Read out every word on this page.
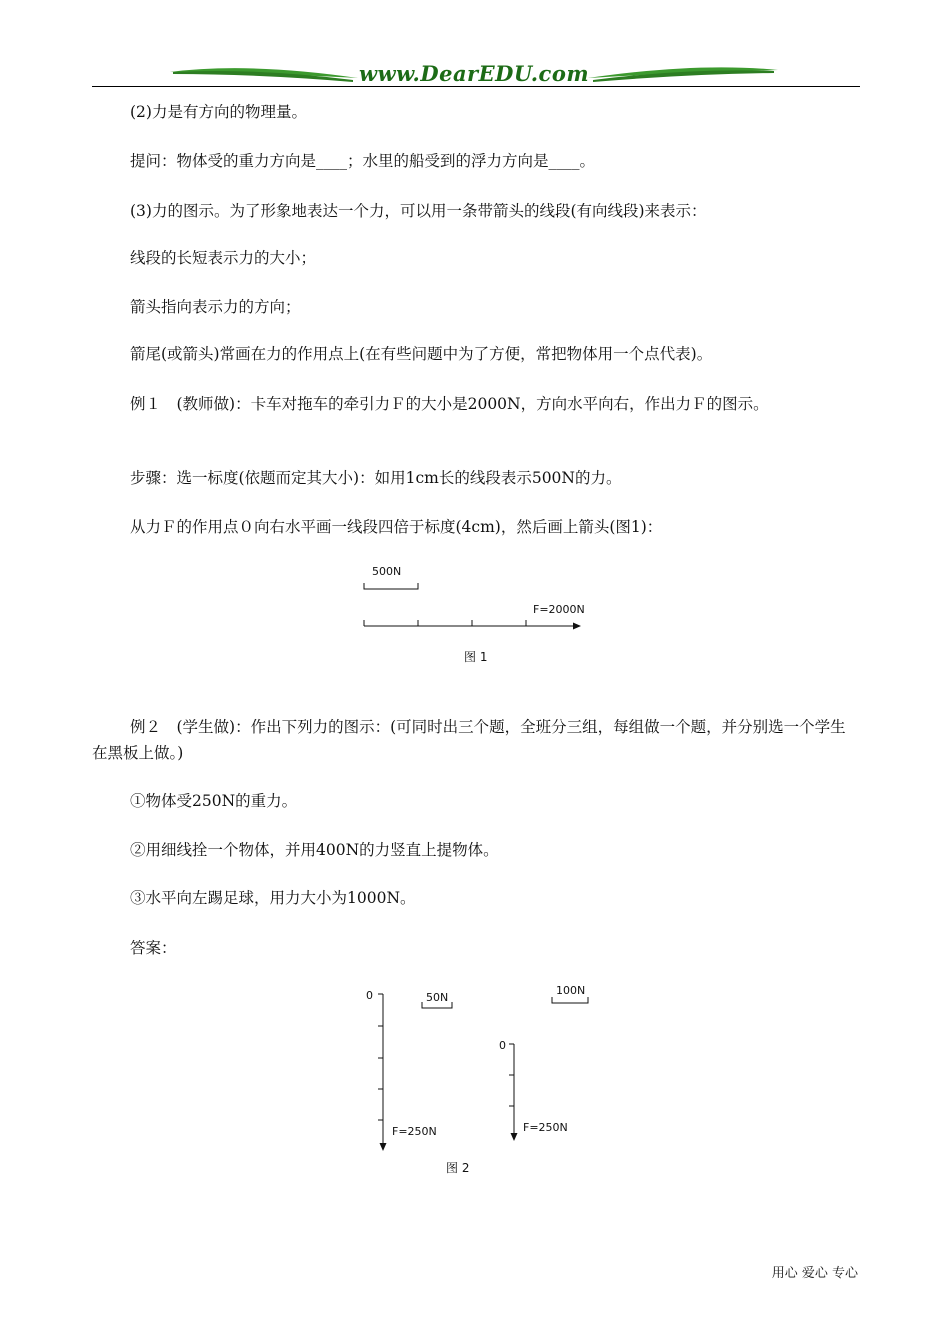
www.DearEDU.com

(2)力是有方向的物理量。

提问：物体受的重力方向是____；水里的船受到的浮力方向是____。

(3)力的图示。为了形象地表达一个力，可以用一条带箭头的线段(有向线段)来表示：

线段的长短表示力的大小；

箭头指向表示力的方向；

箭尾(或箭头)常画在力的作用点上(在有些问题中为了方便，常把物体用一个点代表)。

例１　(教师做)：卡车对拖车的牵引力Ｆ的大小是2000N，方向水平向右，作出力Ｆ的图示。

步骤：选一标度(依题而定其大小)：如用1cm长的线段表示500N的力。

从力Ｆ的作用点０向右水平画一线段四倍于标度(4cm)，然后画上箭头(图1)：

500N
F=2000N
图 1

例２　(学生做)：作出下列力的图示：(可同时出三个题，全班分三组，每组做一个题，并分别选一个学生在黑板上做。)

①物体受250N的重力。

②用细线拴一个物体，并用400N的力竖直上提物体。

③水平向左踢足球，用力大小为1000N。

答案：

0
F=250N
50N
0
F=250N
100N
图 2
用心 爱心 专心
